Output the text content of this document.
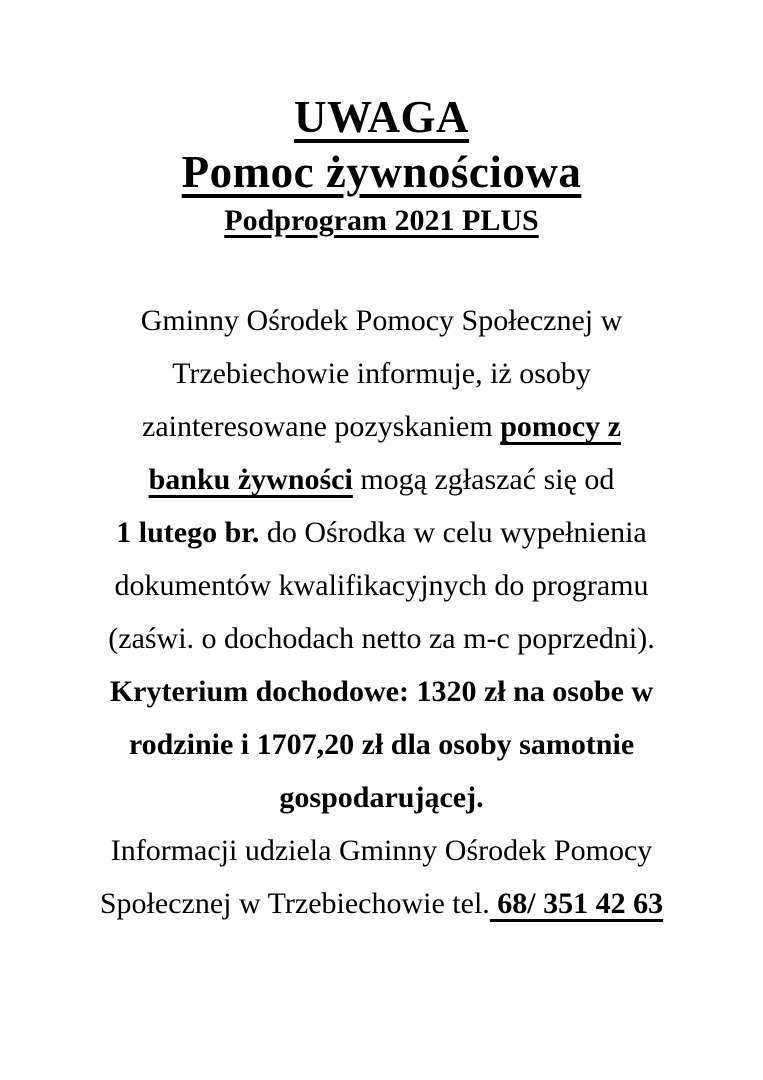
UWAGA
Pomoc żywnościowa
Podprogram 2021 PLUS
Gminny Ośrodek Pomocy Społecznej w
Trzebiechowie informuje, iż osoby
zainteresowane pozyskaniem pomocy z
banku żywności mogą zgłaszać się od
1 lutego br. do Ośrodka w celu wypełnienia
dokumentów kwalifikacyjnych do programu
(zaświ. o dochodach netto za m-c poprzedni).
Kryterium dochodowe: 1320 zł na osobe w
rodzinie i 1707,20 zł dla osoby samotnie
gospodarującej.
Informacji udziela Gminny Ośrodek Pomocy
Społecznej w Trzebiechowie tel. 68/ 351 42 63
